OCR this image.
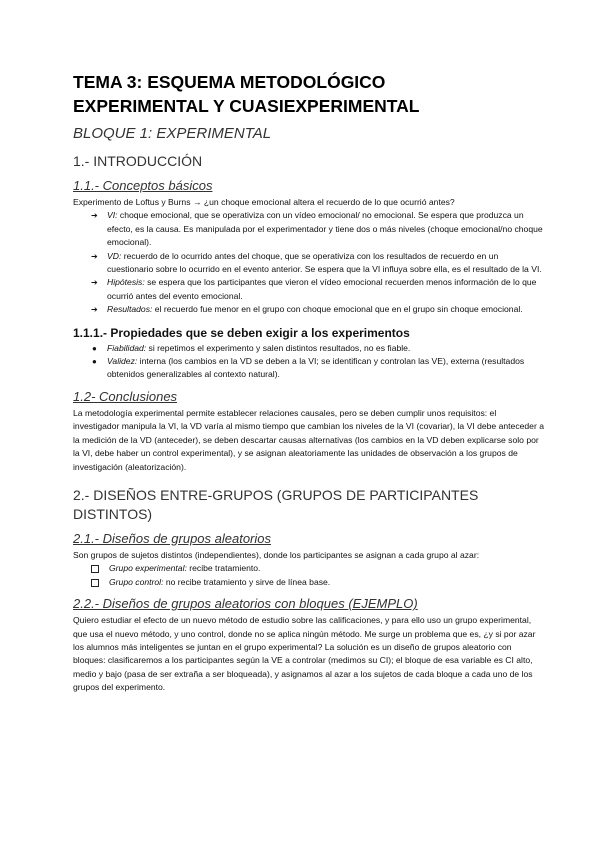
TEMA 3: ESQUEMA METODOLÓGICO
EXPERIMENTAL Y CUASIEXPERIMENTAL
BLOQUE 1: EXPERIMENTAL
1.- INTRODUCCIÓN
1.1.- Conceptos básicos

Experimento de Loftus y Burns → ¿un choque emocional altera el recuerdo de lo que ocurrió antes?

➔ VI: choque emocional, que se operativiza con un vídeo emocional/ no emocional. Se espera que produzca un efecto, es la causa. Es manipulada por el experimentador y tiene dos o más niveles (choque emocional/no choque emocional).
➔ VD: recuerdo de lo ocurrido antes del choque, que se operativiza con los resultados de recuerdo en un cuestionario sobre lo ocurrido en el evento anterior. Se espera que la VI influya sobre ella, es el resultado de la VI.
➔ Hipótesis: se espera que los participantes que vieron el vídeo emocional recuerden menos información de lo que ocurrió antes del evento emocional.
➔ Resultados: el recuerdo fue menor en el grupo con choque emocional que en el grupo sin choque emocional.
1.1.1.- Propiedades que se deben exigir a los experimentos
● Fiabilidad: si repetimos el experimento y salen distintos resultados, no es fiable.
● Validez: interna (los cambios en la VD se deben a la VI; se identifican y controlan las VE), externa (resultados obtenidos generalizables al contexto natural).
1.2- Conclusiones

La metodología experimental permite establecer relaciones causales, pero se deben cumplir unos requisitos: el investigador manipula la VI, la VD varía al mismo tiempo que cambian los niveles de la VI (covariar), la VI debe anteceder a la medición de la VD (anteceder), se deben descartar causas alternativas (los cambios en la VD deben explicarse solo por la VI, debe haber un control experimental), y se asignan aleatoriamente las unidades de observación a los grupos de investigación (aleatorización).

2.- DISEÑOS ENTRE-GRUPOS (GRUPOS DE PARTICIPANTES DISTINTOS)
2.1.- Diseños de grupos aleatorios

Son grupos de sujetos distintos (independientes), donde los participantes se asignan a cada grupo al azar:

Grupo experimental: recibe tratamiento.
Grupo control: no recibe tratamiento y sirve de línea base.
2.2.- Diseños de grupos aleatorios con bloques (EJEMPLO)

Quiero estudiar el efecto de un nuevo método de estudio sobre las calificaciones, y para ello uso un grupo experimental, que usa el nuevo método, y uno control, donde no se aplica ningún método. Me surge un problema que es, ¿y si por azar los alumnos más inteligentes se juntan en el grupo experimental? La solución es un diseño de grupos aleatorio con bloques: clasificaremos a los participantes según la VE a controlar (medimos su CI); el bloque de esa variable es CI alto, medio y bajo (pasa de ser extraña a ser bloqueada), y asignamos al azar a los sujetos de cada bloque a cada uno de los grupos del experimento.
